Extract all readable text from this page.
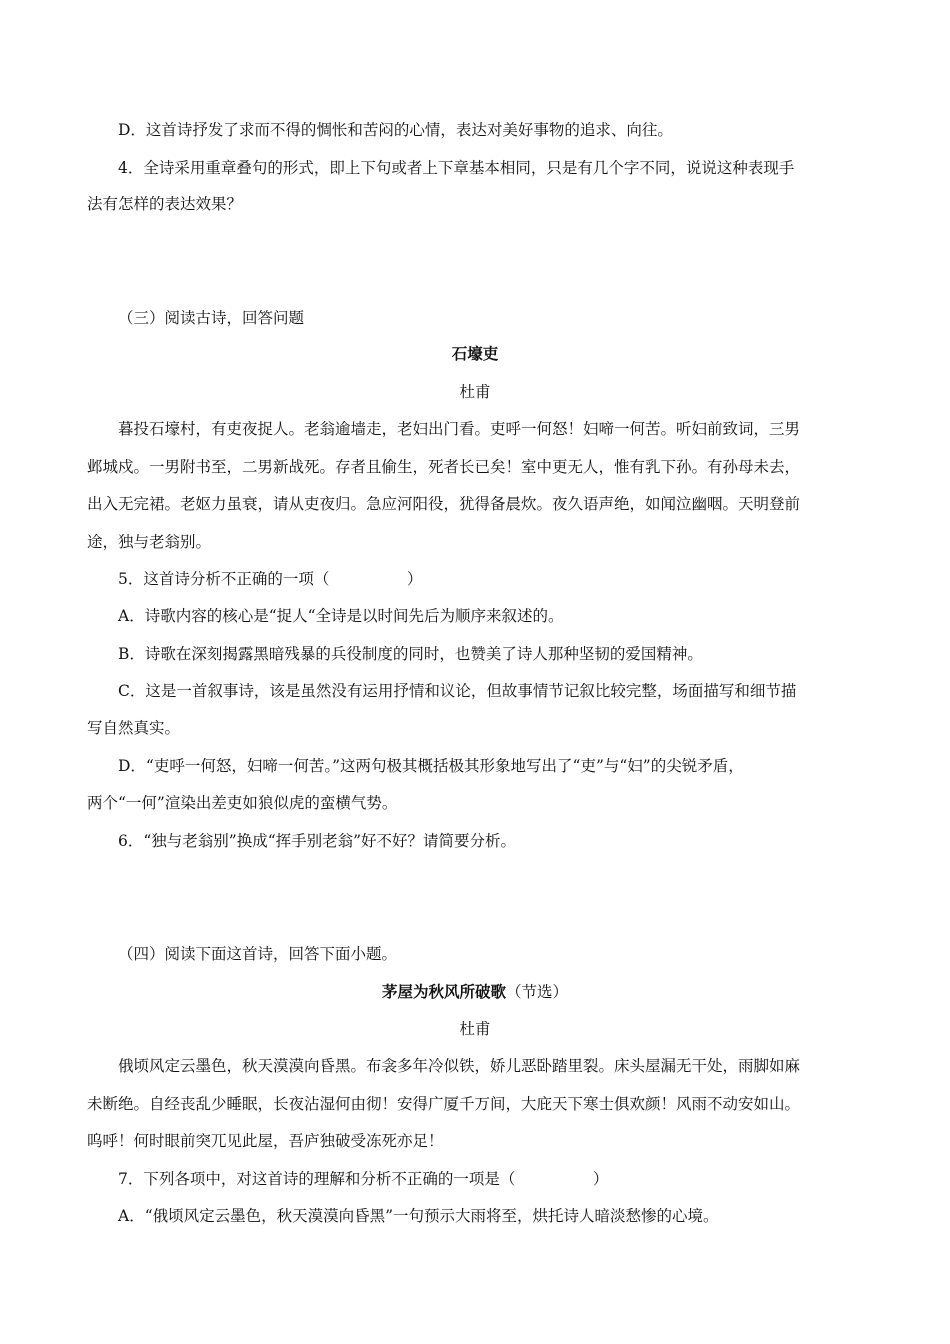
D．这首诗抒发了求而不得的惆怅和苦闷的心情，表达对美好事物的追求、向往。
4．全诗采用重章叠句的形式，即上下句或者上下章基本相同，只是有几个字不同，说说这种表现手
法有怎样的表达效果？
（三）阅读古诗，回答问题
石壕吏
杜甫
暮投石壕村，有吏夜捉人。老翁逾墙走，老妇出门看。吏呼一何怒！妇啼一何苦。听妇前致词，三男
邺城戍。一男附书至，二男新战死。存者且偷生，死者长已矣！室中更无人，惟有乳下孙。有孙母未去，
出入无完裙。老妪力虽衰，请从吏夜归。急应河阳役，犹得备晨炊。夜久语声绝，如闻泣幽咽。天明登前
途，独与老翁别。
5．这首诗分析不正确的一项（　　　　　）
A．诗歌内容的核心是“捉人“全诗是以时间先后为顺序来叙述的。
B．诗歌在深刻揭露黑暗残暴的兵役制度的同时，也赞美了诗人那种坚韧的爱国精神。
C．这是一首叙事诗，该是虽然没有运用抒情和议论，但故事情节记叙比较完整，场面描写和细节描
写自然真实。
D．“吏呼一何怒，妇啼一何苦。”这两句极其概括极其形象地写出了“吏”与“妇”的尖锐矛盾，
两个“一何”渲染出差吏如狼似虎的蛮横气势。
6．“独与老翁别”换成“挥手别老翁”好不好？请简要分析。
（四）阅读下面这首诗，回答下面小题。
茅屋为秋风所破歌（节选）
杜甫
俄顷风定云墨色，秋天漠漠向昏黑。布衾多年冷似铁，娇儿恶卧踏里裂。床头屋漏无干处，雨脚如麻
未断绝。自经丧乱少睡眠，长夜沾湿何由彻！安得广厦千万间，大庇天下寒士俱欢颜！风雨不动安如山。
呜呼！何时眼前突兀见此屋，吾庐独破受冻死亦足！
7．下列各项中，对这首诗的理解和分析不正确的一项是（　　　　　）
A．“俄顷风定云墨色，秋天漠漠向昏黑”一句预示大雨将至，烘托诗人暗淡愁惨的心境。
